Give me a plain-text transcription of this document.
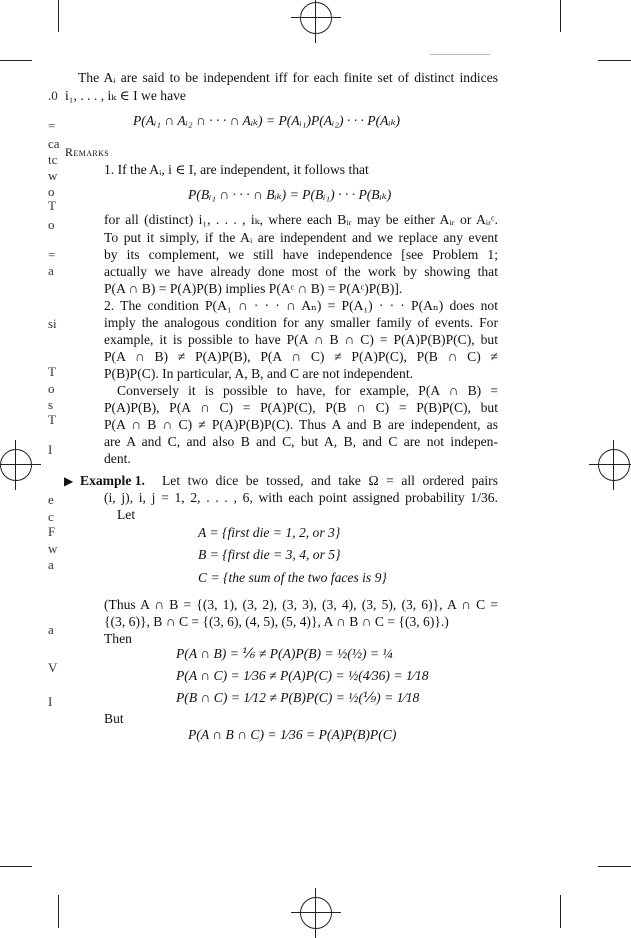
.0
=
ca
tc
w
o
T
o
=
a
si
T
o
s
T
I
e
c
F
w
a
a
V
I
The Aᵢ are said to be independent iff for each finite set of distinct indices
i₁, . . . , iₖ ∈ I we have
P(Aᵢ₁ ∩ Aᵢ₂ ∩ · · · ∩ Aᵢₖ) = P(Aᵢ₁)P(Aᵢ₂) · · · P(Aᵢₖ)
Remarks
1. If the Aᵢ, i ∈ I, are independent, it follows that
P(Bᵢ₁ ∩ · · · ∩ Bᵢₖ) = P(Bᵢ₁) · · · P(Bᵢₖ)
for all (distinct) i₁, . . . , iₖ, where each Bᵢᵣ may be either Aᵢᵣ or Aᵢᵣᶜ.
To put it simply, if the Aᵢ are independent and we replace any event
by its complement, we still have independence [see Problem 1;
actually we have already done most of the work by showing that
P(A ∩ B) = P(A)P(B) implies P(Aᶜ ∩ B) = P(Aᶜ)P(B)].
2. The condition P(A₁ ∩ · · · ∩ Aₙ) = P(A₁) · · · P(Aₙ) does not
imply the analogous condition for any smaller family of events. For
example, it is possible to have P(A ∩ B ∩ C) = P(A)P(B)P(C), but
P(A ∩ B) ≠ P(A)P(B), P(A ∩ C) ≠ P(A)P(C), P(B ∩ C) ≠
P(B)P(C). In particular, A, B, and C are not independent.
Conversely it is possible to have, for example, P(A ∩ B) =
P(A)P(B), P(A ∩ C) = P(A)P(C), P(B ∩ C) = P(B)P(C), but
P(A ∩ B ∩ C) ≠ P(A)P(B)P(C). Thus A and B are independent, as
are A and C, and also B and C, but A, B, and C are not indepen-
dent.
▶ Example 1.	Let two dice be tossed, and take Ω = all ordered pairs
(i, j), i, j = 1, 2, . . . , 6, with each point assigned probability 1/36.
Let
A = {first die = 1, 2, or 3}
B = {first die = 3, 4, or 5}
C = {the sum of the two faces is 9}
(Thus A ∩ B = {(3, 1), (3, 2), (3, 3), (3, 4), (3, 5), (3, 6)}, A ∩ C =
{(3, 6)}, B ∩ C = {(3, 6), (4, 5), (5, 4)}, A ∩ B ∩ C = {(3, 6)}.)
Then
P(A ∩ B) = ⅙ ≠ P(A)P(B) = ½(½) = ¼
P(A ∩ C) = 1⁄36 ≠ P(A)P(C) = ½(4⁄36) = 1⁄18
P(B ∩ C) = 1⁄12 ≠ P(B)P(C) = ½(⅑) = 1⁄18
But
P(A ∩ B ∩ C) = 1⁄36 = P(A)P(B)P(C)
